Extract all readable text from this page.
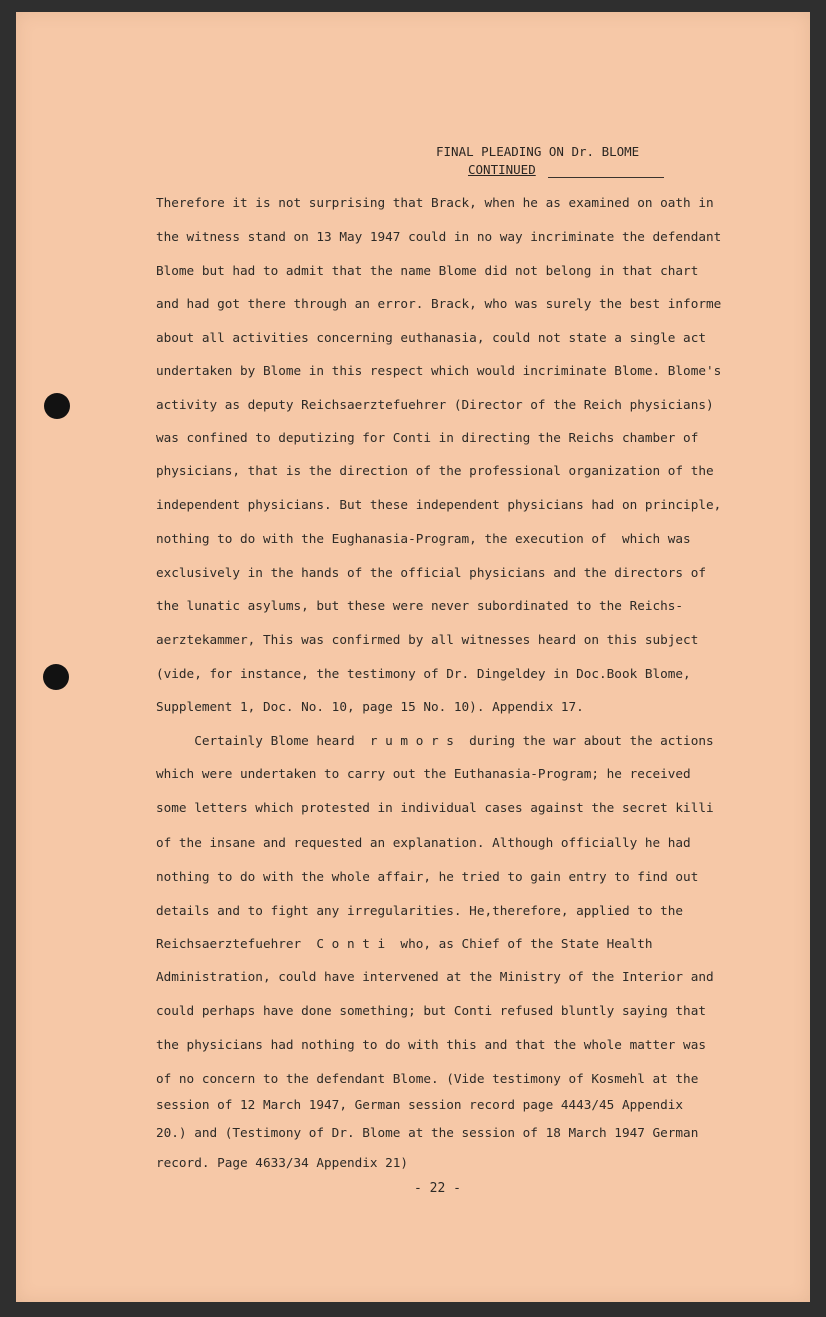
FINAL PLEADING ON Dr. BLOME
CONTINUED
Therefore it is not surprising that Brack, when he as examined on oath in
the witness stand on 13 May 1947 could in no way incriminate the defendant
Blome but had to admit that the name Blome did not belong in that chart
and had got there through an error. Brack, who was surely the best informe
about all activities concerning euthanasia, could not state a single act
undertaken by Blome in this respect which would incriminate Blome. Blome's
activity as deputy Reichsaerztefuehrer (Director of the Reich physicians)
was confined to deputizing for Conti in directing the Reichs chamber of
physicians, that is the direction of the professional organization of the
independent physicians. But these independent physicians had on principle,
nothing to do with the Eughanasia-Program, the execution of  which was
exclusively in the hands of the official physicians and the directors of
the lunatic asylums, but these were never subordinated to the Reichs-
aerztekammer, This was confirmed by all witnesses heard on this subject
(vide, for instance, the testimony of Dr. Dingeldey in Doc.Book Blome,
Supplement 1, Doc. No. 10, page 15 No. 10). Appendix 17.
Certainly Blome heard  r u m o r s  during the war about the actions
which were undertaken to carry out the Euthanasia-Program; he received
some letters which protested in individual cases against the secret killi
of the insane and requested an explanation. Although officially he had
nothing to do with the whole affair, he tried to gain entry to find out
details and to fight any irregularities. He,therefore, applied to the
Reichsaerztefuehrer  C o n t i  who, as Chief of the State Health
Administration, could have intervened at the Ministry of the Interior and
could perhaps have done something; but Conti refused bluntly saying that
the physicians had nothing to do with this and that the whole matter was
of no concern to the defendant Blome. (Vide testimony of Kosmehl at the
session of 12 March 1947, German session record page 4443/45 Appendix
20.) and (Testimony of Dr. Blome at the session of 18 March 1947 German
record. Page 4633/34 Appendix 21)
- 22 -
